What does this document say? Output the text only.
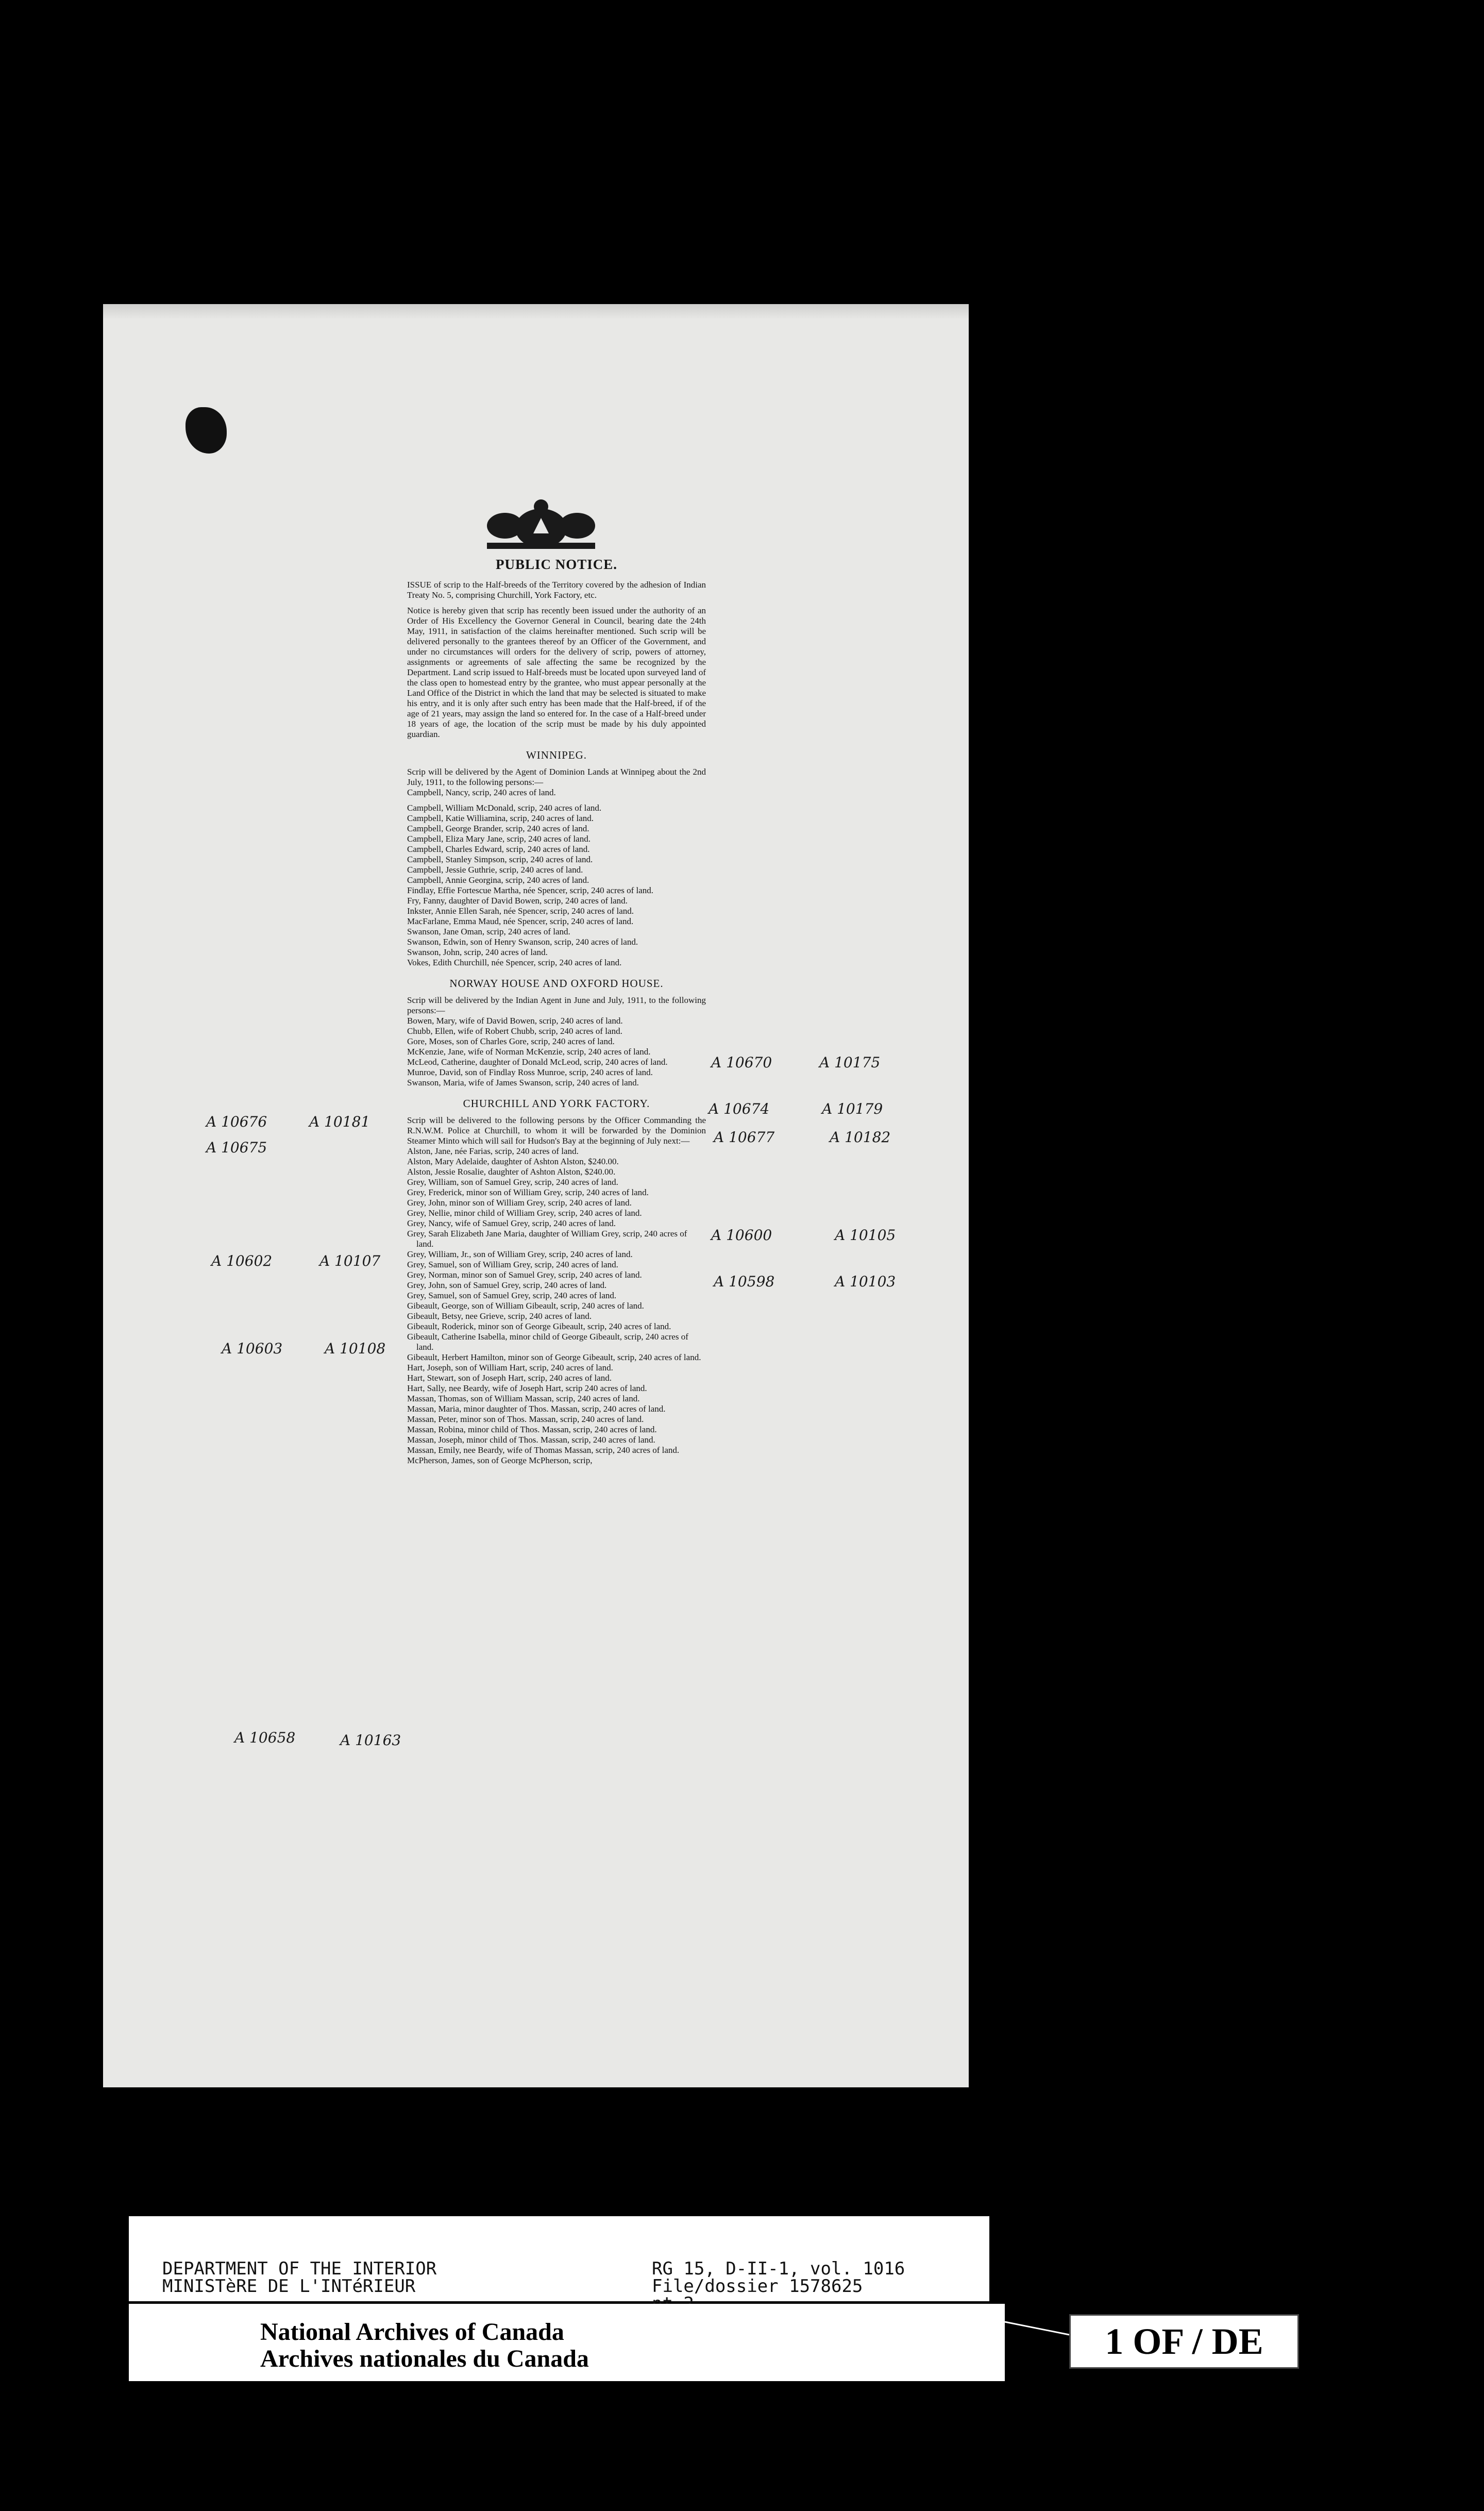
PUBLIC NOTICE.

ISSUE of scrip to the Half-breeds of the Territory covered by the adhesion of Indian Treaty No. 5, comprising Churchill, York Factory, etc.

Notice is hereby given that scrip has recently been issued under the authority of an Order of His Excellency the Governor General in Council, bearing date the 24th May, 1911, in satisfaction of the claims hereinafter mentioned. Such scrip will be delivered personally to the grantees thereof by an Officer of the Government, and under no circumstances will orders for the delivery of scrip, powers of attorney, assignments or agreements of sale affecting the same be recognized by the Department. Land scrip issued to Half-breeds must be located upon surveyed land of the class open to homestead entry by the grantee, who must appear personally at the Land Office of the District in which the land that may be selected is situated to make his entry, and it is only after such entry has been made that the Half-breed, if of the age of 21 years, may assign the land so entered for. In the case of a Half-breed under 18 years of age, the location of the scrip must be made by his duly appointed guardian.

WINNIPEG.

Scrip will be delivered by the Agent of Dominion Lands at Winnipeg about the 2nd July, 1911, to the following persons:—

Campbell, Nancy, scrip, 240 acres of land.
Campbell, William McDonald, scrip, 240 acres of land.
Campbell, Katie Williamina, scrip, 240 acres of land.
Campbell, George Brander, scrip, 240 acres of land.
Campbell, Eliza Mary Jane, scrip, 240 acres of land.
Campbell, Charles Edward, scrip, 240 acres of land.
Campbell, Stanley Simpson, scrip, 240 acres of land.
Campbell, Jessie Guthrie, scrip, 240 acres of land.
Campbell, Annie Georgina, scrip, 240 acres of land.
Findlay, Effie Fortescue Martha, née Spencer, scrip, 240 acres of land.
Fry, Fanny, daughter of David Bowen, scrip, 240 acres of land.
Inkster, Annie Ellen Sarah, née Spencer, scrip, 240 acres of land.
MacFarlane, Emma Maud, née Spencer, scrip, 240 acres of land.
Swanson, Jane Oman, scrip, 240 acres of land.
Swanson, Edwin, son of Henry Swanson, scrip, 240 acres of land.
Swanson, John, scrip, 240 acres of land.
Vokes, Edith Churchill, née Spencer, scrip, 240 acres of land.
NORWAY HOUSE AND OXFORD HOUSE.

Scrip will be delivered by the Indian Agent in June and July, 1911, to the following persons:—

Bowen, Mary, wife of David Bowen, scrip, 240 acres of land.
Chubb, Ellen, wife of Robert Chubb, scrip, 240 acres of land.
Gore, Moses, son of Charles Gore, scrip, 240 acres of land.
McKenzie, Jane, wife of Norman McKenzie, scrip, 240 acres of land.
McLeod, Catherine, daughter of Donald McLeod, scrip, 240 acres of land.
Munroe, David, son of Findlay Ross Munroe, scrip, 240 acres of land.
Swanson, Maria, wife of James Swanson, scrip, 240 acres of land.
CHURCHILL AND YORK FACTORY.

Scrip will be delivered to the following persons by the Officer Commanding the R.N.W.M. Police at Churchill, to whom it will be forwarded by the Dominion Steamer Minto which will sail for Hudson's Bay at the beginning of July next:—

Alston, Jane, née Farias, scrip, 240 acres of land.
Alston, Mary Adelaide, daughter of Ashton Alston, $240.00.
Alston, Jessie Rosalie, daughter of Ashton Alston, $240.00.
Grey, William, son of Samuel Grey, scrip, 240 acres of land.
Grey, Frederick, minor son of William Grey, scrip, 240 acres of land.
Grey, John, minor son of William Grey, scrip, 240 acres of land.
Grey, Nellie, minor child of William Grey, scrip, 240 acres of land.
Grey, Nancy, wife of Samuel Grey, scrip, 240 acres of land.
Grey, Sarah Elizabeth Jane Maria, daughter of William Grey, scrip, 240 acres of land.
Grey, William, Jr., son of William Grey, scrip, 240 acres of land.
Grey, Samuel, son of William Grey, scrip, 240 acres of land.
Grey, Norman, minor son of Samuel Grey, scrip, 240 acres of land.
Grey, John, son of Samuel Grey, scrip, 240 acres of land.
Grey, Samuel, son of Samuel Grey, scrip, 240 acres of land.
Gibeault, George, son of William Gibeault, scrip, 240 acres of land.
Gibeault, Betsy, nee Grieve, scrip, 240 acres of land.
Gibeault, Roderick, minor son of George Gibeault, scrip, 240 acres of land.
Gibeault, Catherine Isabella, minor child of George Gibeault, scrip, 240 acres of land.
Gibeault, Herbert Hamilton, minor son of George Gibeault, scrip, 240 acres of land.
Hart, Joseph, son of William Hart, scrip, 240 acres of land.
Hart, Stewart, son of Joseph Hart, scrip, 240 acres of land.
Hart, Sally, nee Beardy, wife of Joseph Hart, scrip 240 acres of land.
Massan, Thomas, son of William Massan, scrip, 240 acres of land.
Massan, Maria, minor daughter of Thos. Massan, scrip, 240 acres of land.
Massan, Peter, minor son of Thos. Massan, scrip, 240 acres of land.
Massan, Robina, minor child of Thos. Massan, scrip, 240 acres of land.
Massan, Joseph, minor child of Thos. Massan, scrip, 240 acres of land.
Massan, Emily, nee Beardy, wife of Thomas Massan, scrip, 240 acres of land.
McPherson, James, son of George McPherson, scrip,
A 10670	A 10175
A 10676	A 10181
A 10674	A 10179
A 10675
A 10677	A 10182
A 10600	A 10105
A 10602	A 10107
A 10598	A 10103
A 10603	A 10108
A 10658	A 10163
DEPARTMENT OF THE INTERIOR
MINISTèRE DE L'INTéRIEUR
RG 15, D-II-1, vol. 1016
File/dossier 1578625
National Archives of Canada
Archives nationales du Canada	1 OF / DE
